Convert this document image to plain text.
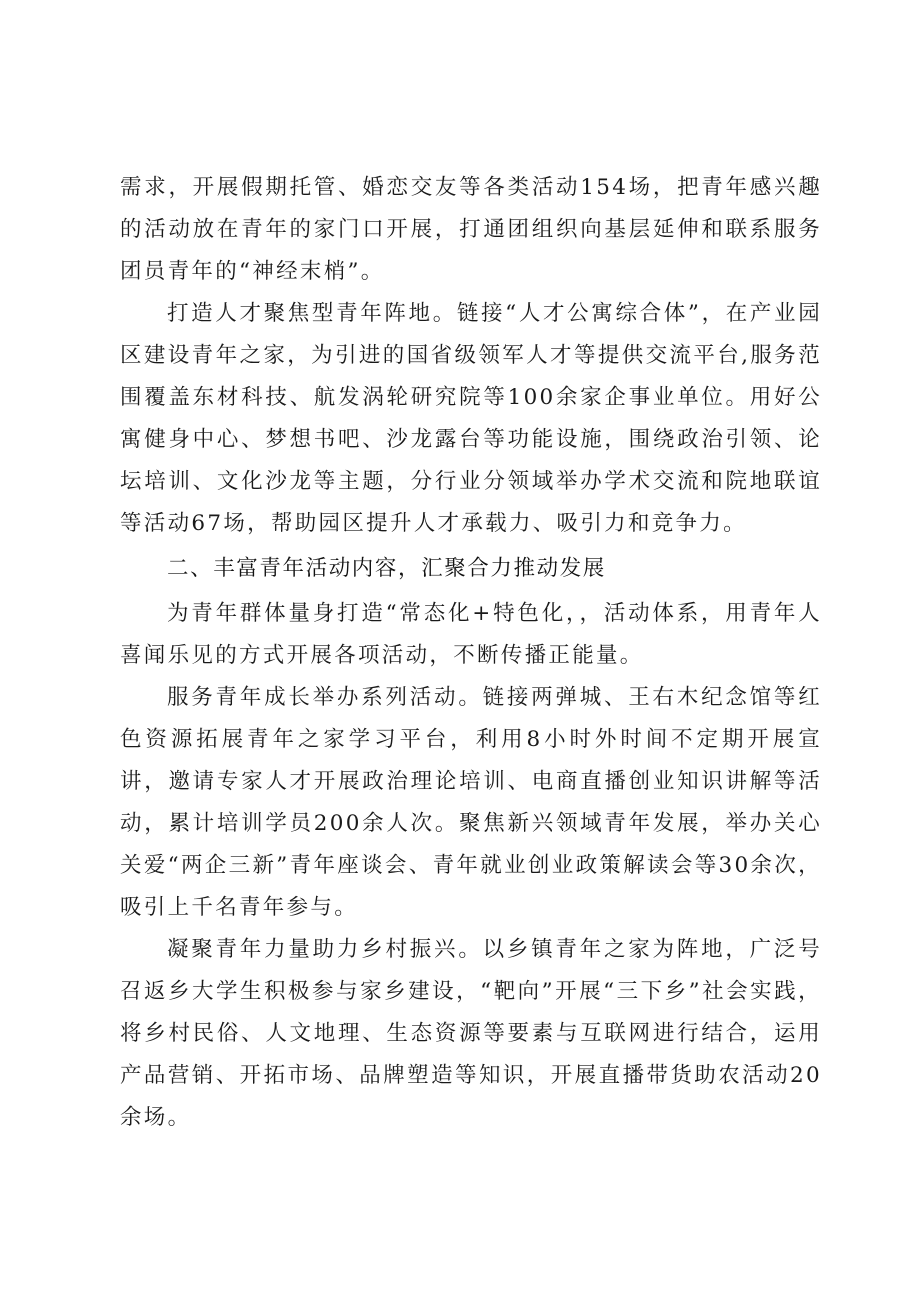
需求，开展假期托管、婚恋交友等各类活动154场，把青年感兴趣的活动放在青年的家门口开展，打通团组织向基层延伸和联系服务团员青年的“神经末梢”。

打造人才聚焦型青年阵地。链接“人才公寓综合体”，在产业园区建设青年之家，为引进的国省级领军人才等提供交流平台,服务范围覆盖东材科技、航发涡轮研究院等100余家企事业单位。用好公寓健身中心、梦想书吧、沙龙露台等功能设施，围绕政治引领、论坛培训、文化沙龙等主题，分行业分领域举办学术交流和院地联谊等活动67场，帮助园区提升人才承载力、吸引力和竞争力。

二、丰富青年活动内容，汇聚合力推动发展

为青年群体量身打造“常态化+特色化，，活动体系，用青年人喜闻乐见的方式开展各项活动，不断传播正能量。

服务青年成长举办系列活动。链接两弹城、王右木纪念馆等红色资源拓展青年之家学习平台，利用8小时外时间不定期开展宣讲，邀请专家人才开展政治理论培训、电商直播创业知识讲解等活动，累计培训学员200余人次。聚焦新兴领域青年发展，举办关心关爱“两企三新”青年座谈会、青年就业创业政策解读会等30余次，吸引上千名青年参与。

凝聚青年力量助力乡村振兴。以乡镇青年之家为阵地，广泛号召返乡大学生积极参与家乡建设，“靶向”开展“三下乡”社会实践，将乡村民俗、人文地理、生态资源等要素与互联网进行结合，运用产品营销、开拓市场、品牌塑造等知识，开展直播带货助农活动20余场。
